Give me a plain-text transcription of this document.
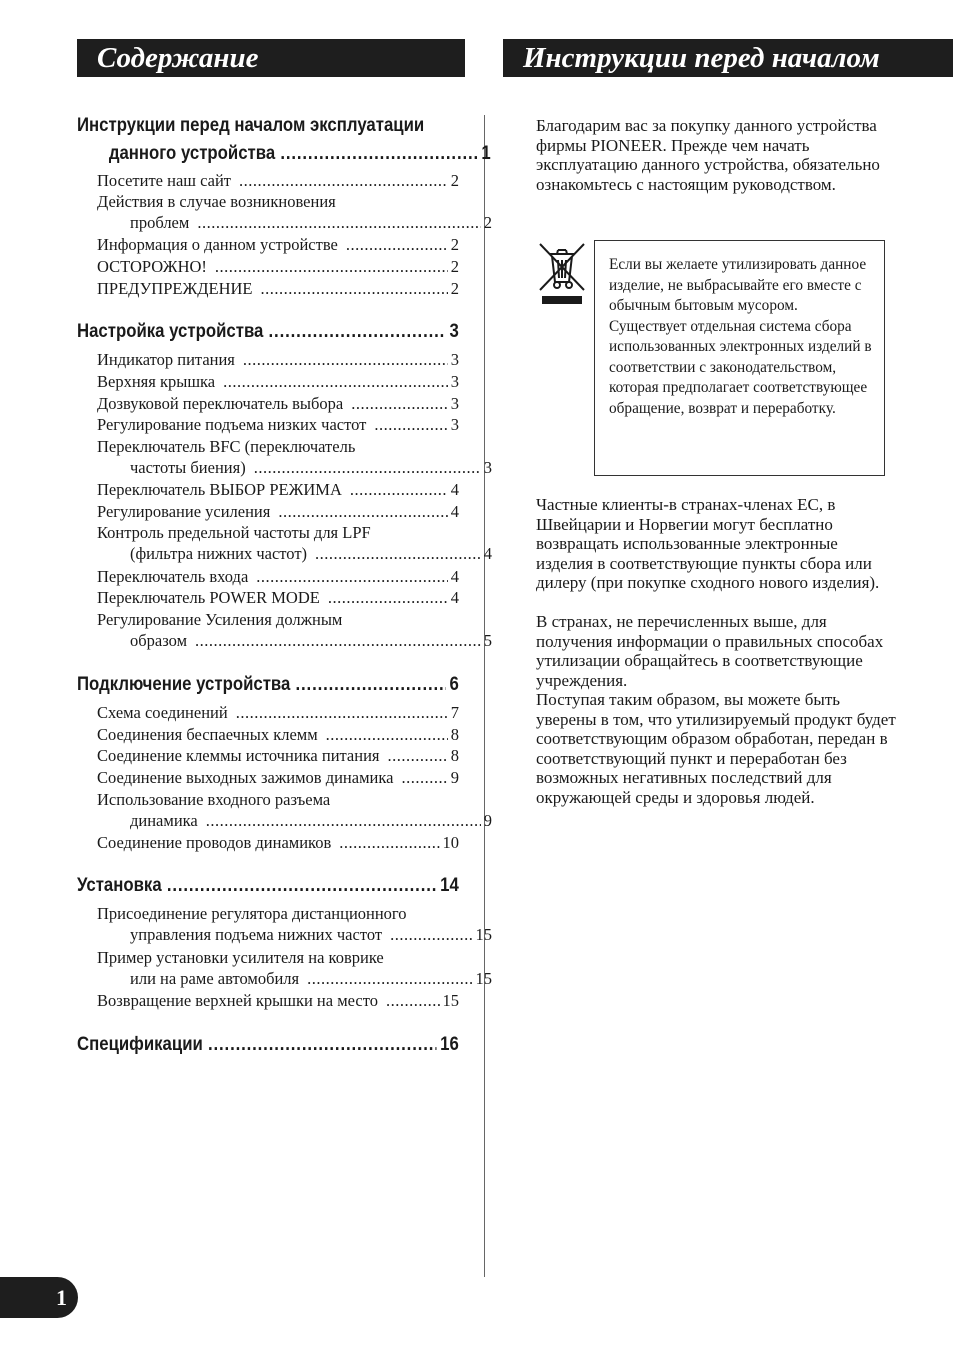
Содержание	Инструкции перед началом
Инструкции перед началом эксплуатации
данного устройства .....	1
Посетите наш сайт .....	2
Действия в случае возникновения
проблем .....	2
Информация о данном устройстве .....	2
ОСТОРОЖНО! .....	2
ПРЕДУПРЕЖДЕНИЕ .....	2
Настройка устройства .....	3
Индикатор питания .....	3
Верхняя крышка .....	3
Дозвуковой переключатель выбора .....	3
Регулирование подъема низких частот .....	3
Переключатель BFC (переключатель
частоты биения) .....	3
Переключатель ВЫБОР РЕЖИМА .....	4
Регулирование усиления .....	4
Контроль предельной частоты для LPF
(фильтра нижних частот) .....	4
Переключатель входа .....	4
Переключатель POWER MODE .....	4
Регулирование Усиления должным
образом .....	5
Подключение устройства .....	6
Схема соединений .....	7
Соединения беспаечных клемм .....	8
Соединение клеммы источника питания .....	8
Соединение выходных зажимов динамика .....	9
Использование входного разъема
динамика .....	9
Соединение проводов динамиков .....	10
Установка .....	14
Присоединение регулятора дистанционного
управления подъема нижних частот .....	15
Пример установки усилителя на коврике
или на раме автомобиля .....	15
Возвращение верхней крышки на место .....	15
Спецификации .....	16
Благодарим вас за покупку данного устройства фирмы PIONEER. Прежде чем начать эксплуатацию данного устройства, обязательно ознакомьтесь с настоящим руководством.
Если вы желаете утилизировать данное изделие, не выбрасывайте его вместе с обычным бытовым мусором. Существует отдельная система сбора использованных электронных изделий в соответствии с законодательством, которая предполагает соответствующее обращение, возврат и переработку.
Частные клиенты-в странах-членах ЕС, в Швейцарии и Норвегии могут бесплатно возвращать использованные электронные изделия в соответствующие пункты сбора или дилеру (при покупке сходного нового изделия).
В странах, не перечисленных выше, для получения информации о правильных способах утилизации обращайтесь в соответствующие учреждения.
Поступая таким образом, вы можете быть уверены в том, что утилизируемый продукт будет соответствующим образом обработан, передан в соответствующий пункт и переработан без возможных негативных последствий для окружающей среды и здоровья людей.
1
